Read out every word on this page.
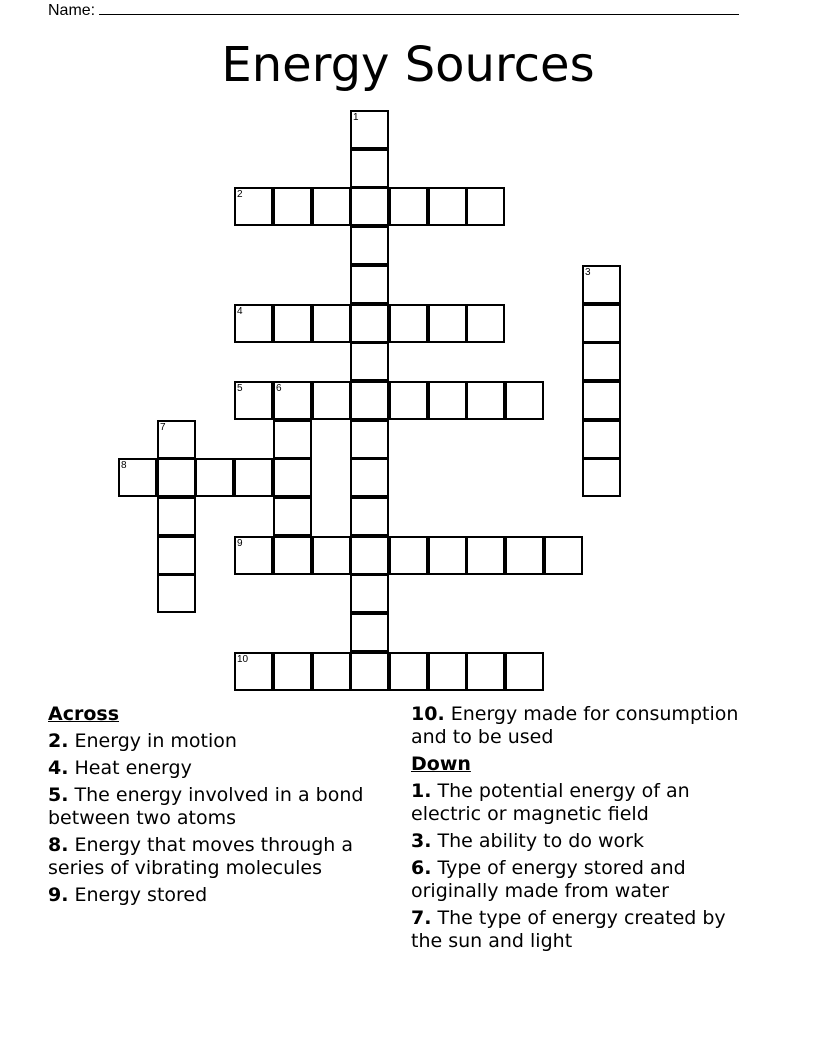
Name:
Energy Sources
1
2
3
4
5	6
7
8
9
10
Across
2. Energy in motion
4. Heat energy
5. The energy involved in a bond between two atoms
8. Energy that moves through a series of vibrating molecules
9. Energy stored
10. Energy made for consumption and to be used
Down
1. The potential energy of an electric or magnetic field
3. The ability to do work
6. Type of energy stored and originally made from water
7. The type of energy created by the sun and light
